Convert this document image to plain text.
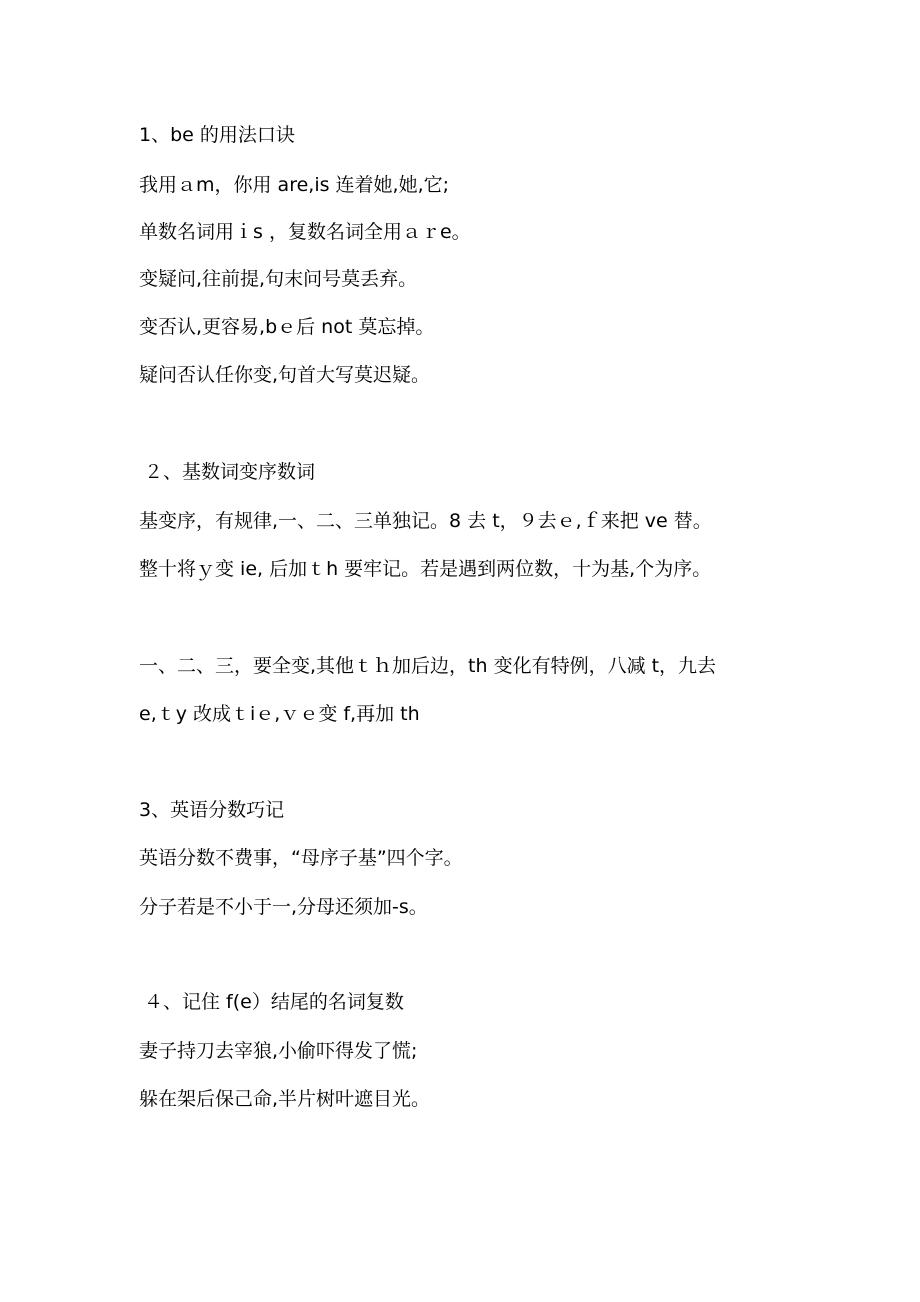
1、be 的用法口诀
我用ａm，你用 are,is 连着她,她,它;
单数名词用ｉs ，复数名词全用ａｒe。
变疑问,往前提,句末问号莫丢弃。
变否认,更容易,bｅ后 not 莫忘掉。
疑问否认任你变,句首大写莫迟疑。
２、基数词变序数词
基变序，有规律,一、二、三单独记。8 去 t，９去ｅ,ｆ来把 ve 替。
整十将ｙ变 ie, 后加ｔh 要牢记。若是遇到两位数，十为基,个为序。
一、二、三，要全变,其他ｔｈ加后边，th 变化有特例，八减 t，九去
e,ｔy 改成ｔiｅ,ｖｅ变 f,再加 th
3、英语分数巧记
英语分数不费事，“母序子基”四个字。
分子若是不小于一,分母还须加-s。
４、记住 f(e）结尾的名词复数
妻子持刀去宰狼,小偷吓得发了慌;
躲在架后保己命,半片树叶遮目光。
